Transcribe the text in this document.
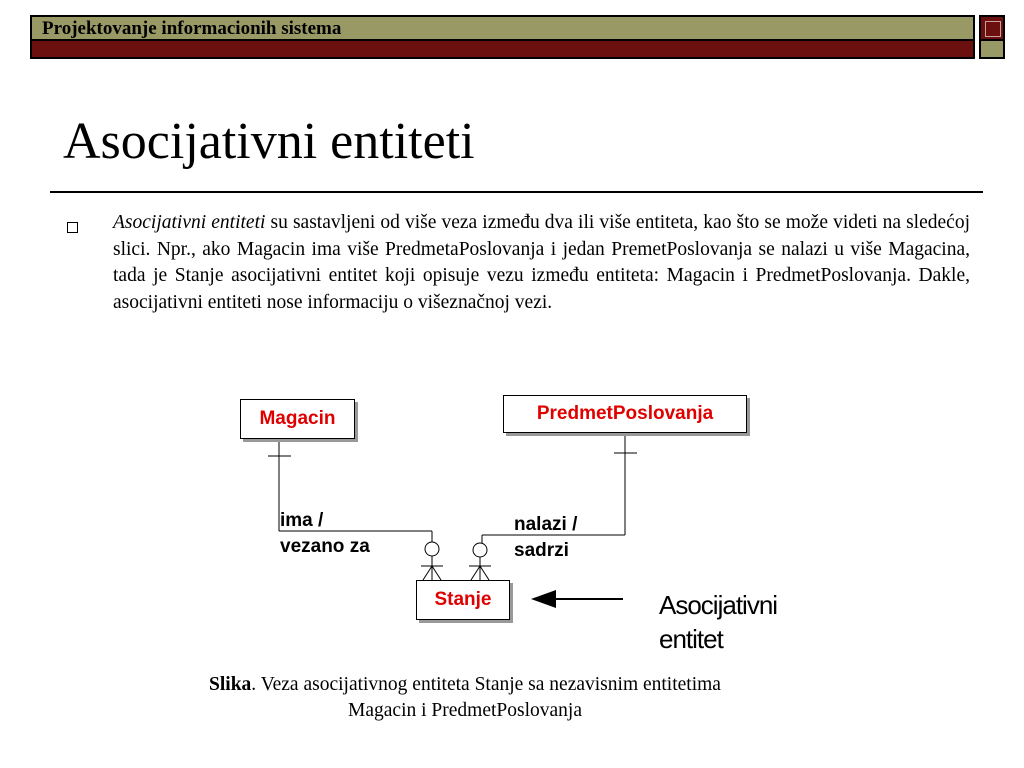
Projektovanje informacionih sistema
Asocijativni entiteti

Asocijativni entiteti su sastavljeni od više veza između dva ili više entiteta, kao što se može videti na sledećoj slici. Npr., ako Magacin ima više PredmetaPoslovanja i jedan PremetPoslovanja se nalazi u više Magacina, tada je Stanje asocijativni entitet koji opisuje vezu između entiteta: Magacin i PredmetPoslovanja. Dakle, asocijativni entiteti nose informaciju o višeznačnoj vezi.

Magacin	PredmetPoslovanja
Stanje
ima /
vezano za
nalazi /
sadrzi
Asocijativni
entitet
Slika. Veza asocijativnog entiteta Stanje sa nezavisnim entitetima
Magacin i PredmetPoslovanja
